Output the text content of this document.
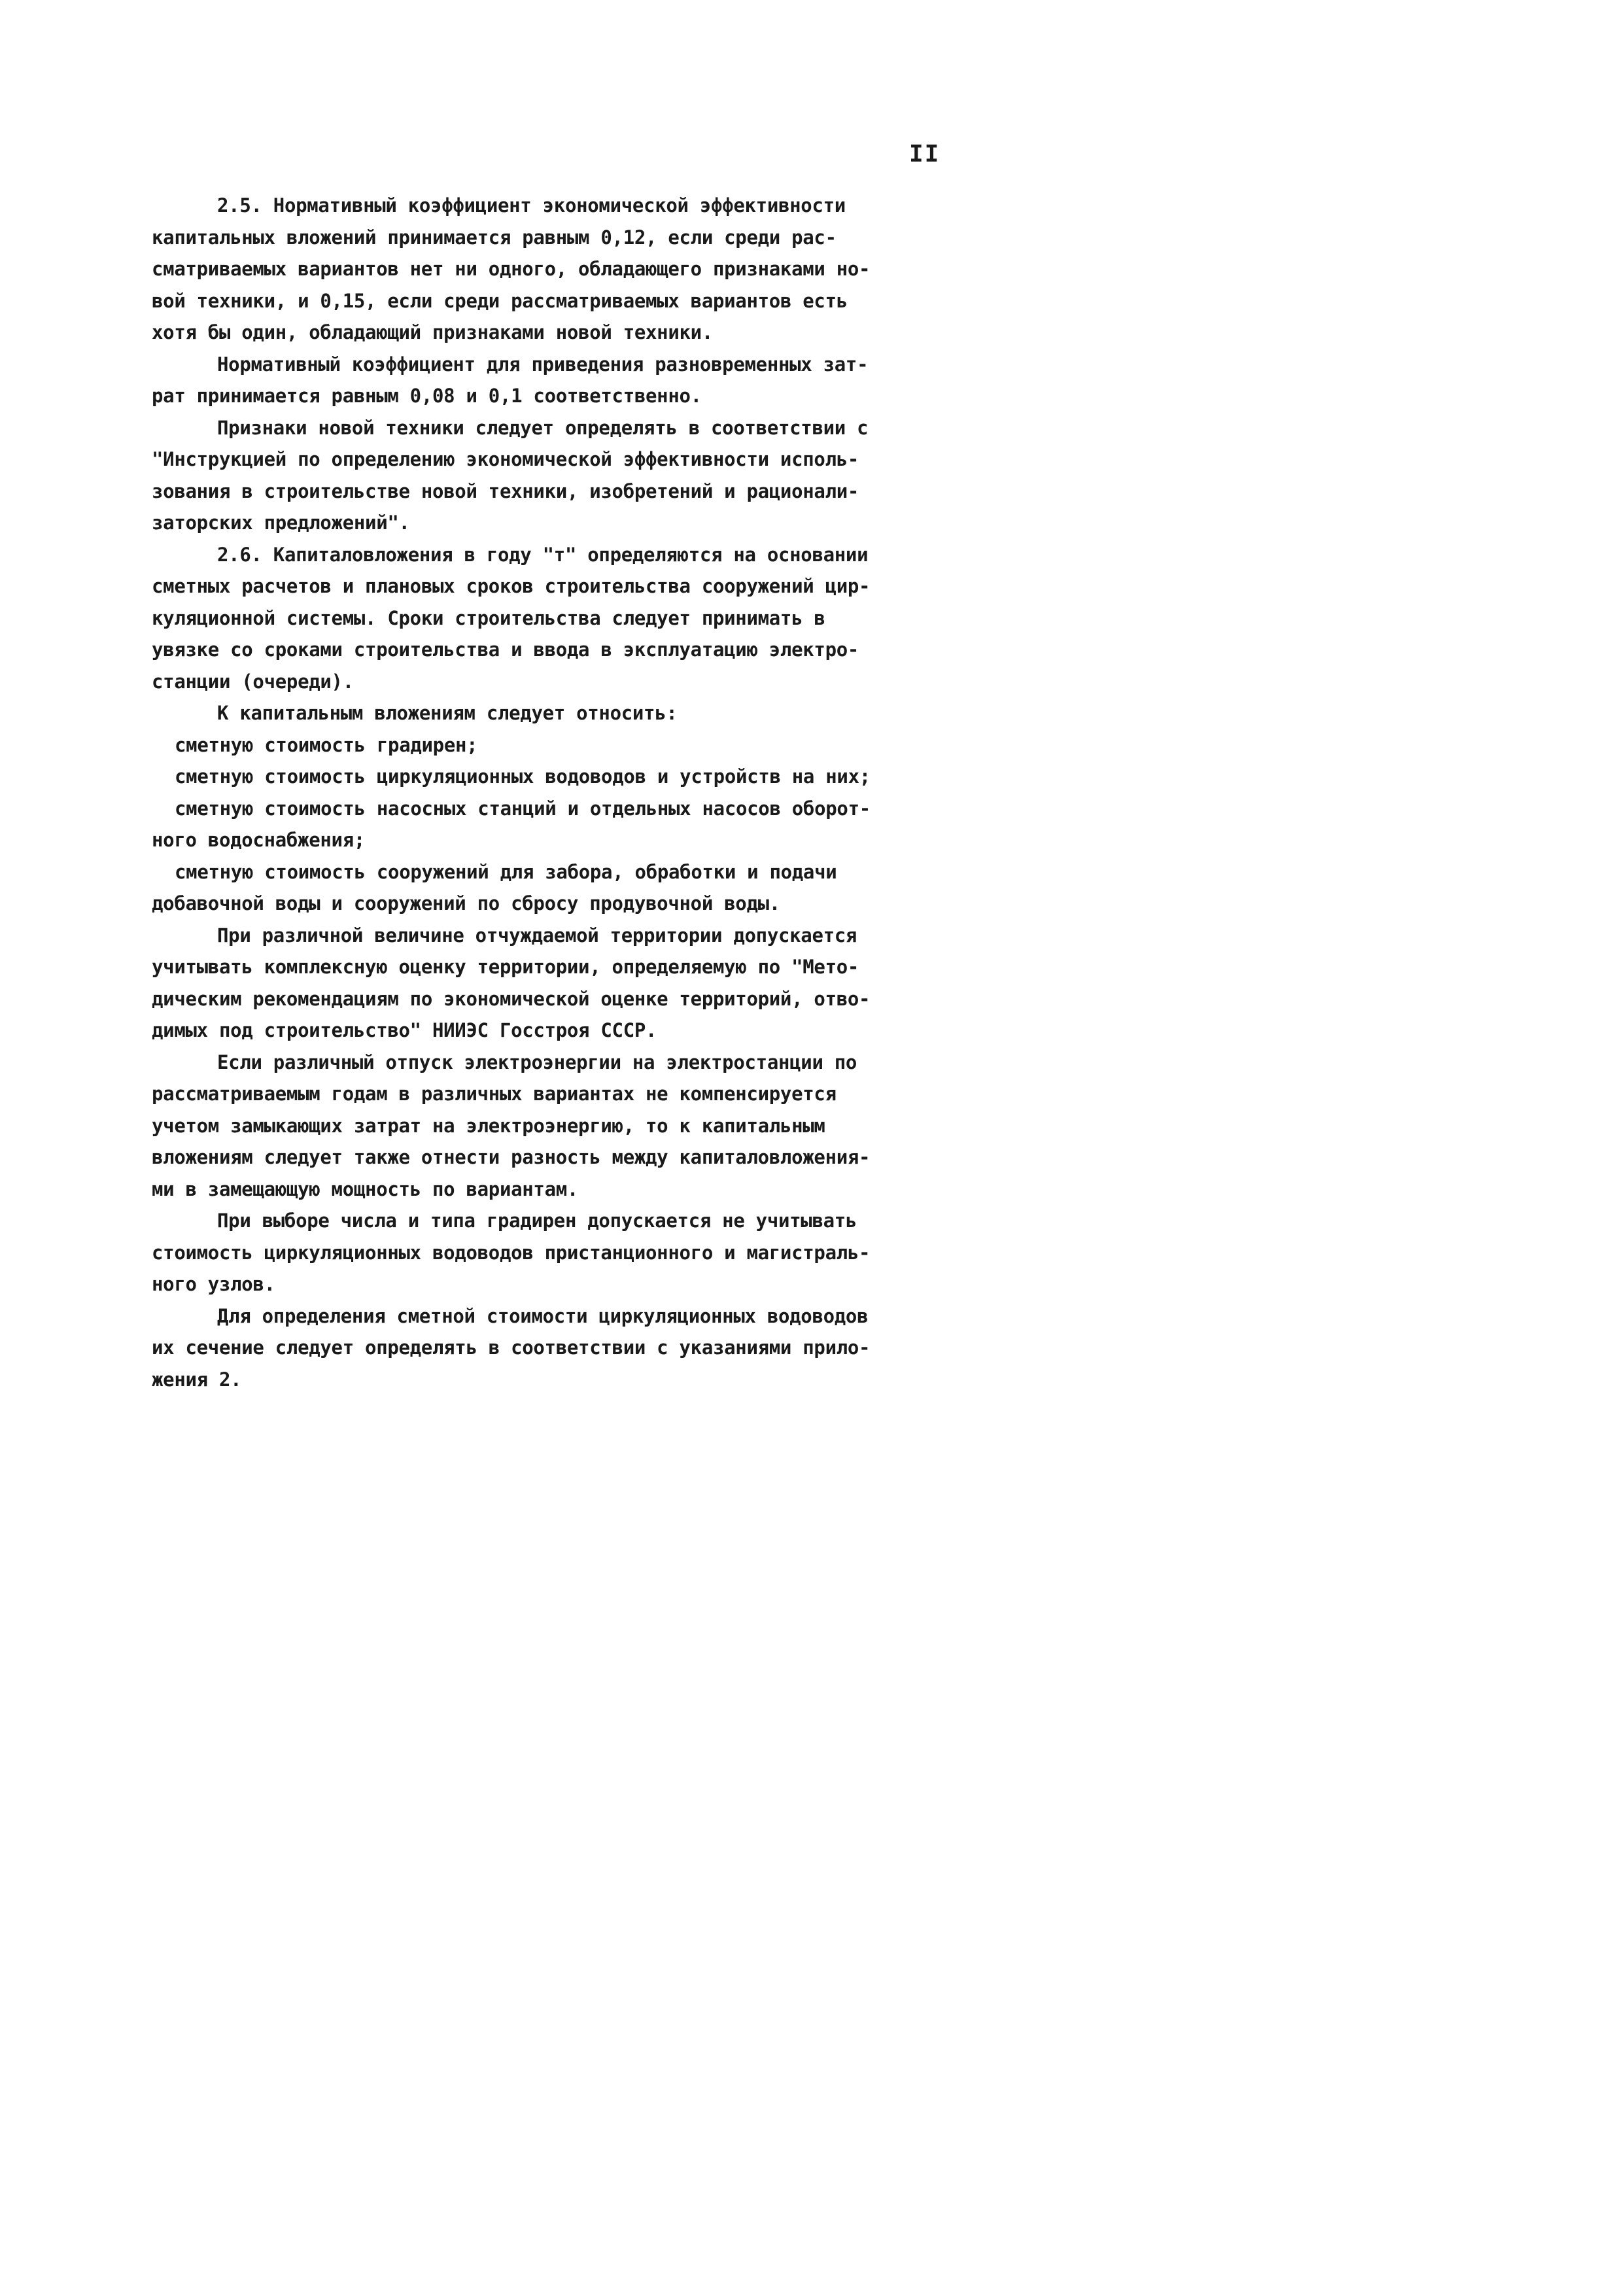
II
2.5. Нормативный коэффициент экономической эффективности
капитальных вложений принимается равным 0,12, если среди рас-
сматриваемых вариантов нет ни одного, обладающего признаками но-
вой техники, и 0,15, если среди рассматриваемых вариантов есть
хотя бы один, обладающий признаками новой техники.
Нормативный коэффициент для приведения разновременных зат-
рат принимается равным 0,08 и 0,1 соответственно.
Признаки новой техники следует определять в соответствии с
"Инструкцией по определению экономической эффективности исполь-
зования в строительстве новой техники, изобретений и рационали-
заторских предложений".
2.6. Капиталовложения в году "т" определяются на основании
сметных расчетов и плановых сроков строительства сооружений цир-
куляционной системы. Сроки строительства следует принимать в
увязке со сроками строительства и ввода в эксплуатацию электро-
станции (очереди).
К капитальным вложениям следует относить:
сметную стоимость градирен;
сметную стоимость циркуляционных водоводов и устройств на них;
сметную стоимость насосных станций и отдельных насосов оборот-
ного водоснабжения;
сметную стоимость сооружений для забора, обработки и подачи
добавочной воды и сооружений по сбросу продувочной воды.
При различной величине отчуждаемой территории допускается
учитывать комплексную оценку территории, определяемую по "Мето-
дическим рекомендациям по экономической оценке территорий, отво-
димых под строительство" НИИЭС Госстроя СССР.
Если различный отпуск электроэнергии на электростанции по
рассматриваемым годам в различных вариантах не компенсируется
учетом замыкающих затрат на электроэнергию, то к капитальным
вложениям следует также отнести разность между капиталовложения-
ми в замещающую мощность по вариантам.
При выборе числа и типа градирен допускается не учитывать
стоимость циркуляционных водоводов пристанционного и магистраль-
ного узлов.
Для определения сметной стоимости циркуляционных водоводов
их сечение следует определять в соответствии с указаниями прило-
жения 2.
